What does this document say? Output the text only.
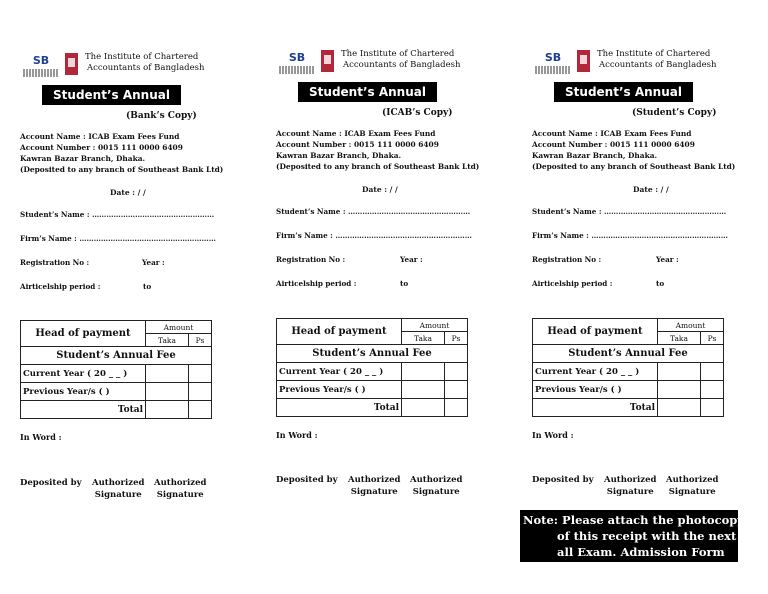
SB	The Institute of Chartered
Accountants of Bangladesh
Student’s Annual Fee (Bank’s Copy)
Account Name : ICAB Exam Fees Fund
Account Number : 0015 111 0000 6409
Kawran Bazar Branch, Dhaka.
(Deposited to any branch of Southeast Bank Ltd)
Date : / /
Student’s Name : ……………………………………………
Firm’s Name : …………………………………………………
Registration No :	Year :
Airticelship period :	to
Head of payment	Amount	
	Taka	Ps
Student’s Annual Fee		
Current Year ( 20 _ _ )		
Previous Year/s ( )		
Total		
In Word :
Deposited by Authorized
Signature
Authorized
Signature
SB	The Institute of Chartered
Accountants of Bangladesh
Student’s Annual Fee (ICAB’s Copy)
Account Name : ICAB Exam Fees Fund
Account Number : 0015 111 0000 6409
Kawran Bazar Branch, Dhaka.
(Deposited to any branch of Southeast Bank Ltd)
Date : / /
Student’s Name : ……………………………………………
Firm’s Name : …………………………………………………
Registration No :	Year :
Airticelship period :	to
Head of payment	Amount	
	Taka	Ps
Student’s Annual Fee		
Current Year ( 20 _ _ )		
Previous Year/s ( )		
Total		
In Word :
Deposited by Authorized
Signature
Authorized
Signature
SB	The Institute of Chartered
Accountants of Bangladesh
Student’s Annual Fee
(Student’s Copy)
Account Name : ICAB Exam Fees Fund
Account Number : 0015 111 0000 6409
Kawran Bazar Branch, Dhaka.
(Deposited to any branch of Southeast Bank Ltd)
Date : / /
Student’s Name : ……………………………………………
Firm’s Name : …………………………………………………
Registration No :	Year :
Airticelship period :	to
Head of payment	Amount	
	Taka	Ps
Student’s Annual Fee		
Current Year ( 20 _ _ )		
Previous Year/s ( )		
Total		
In Word :
Deposited by Authorized
Signature
Authorized
Signature
Note: Please attach the photocopy
of this receipt with the next
all Exam. Admission Form
